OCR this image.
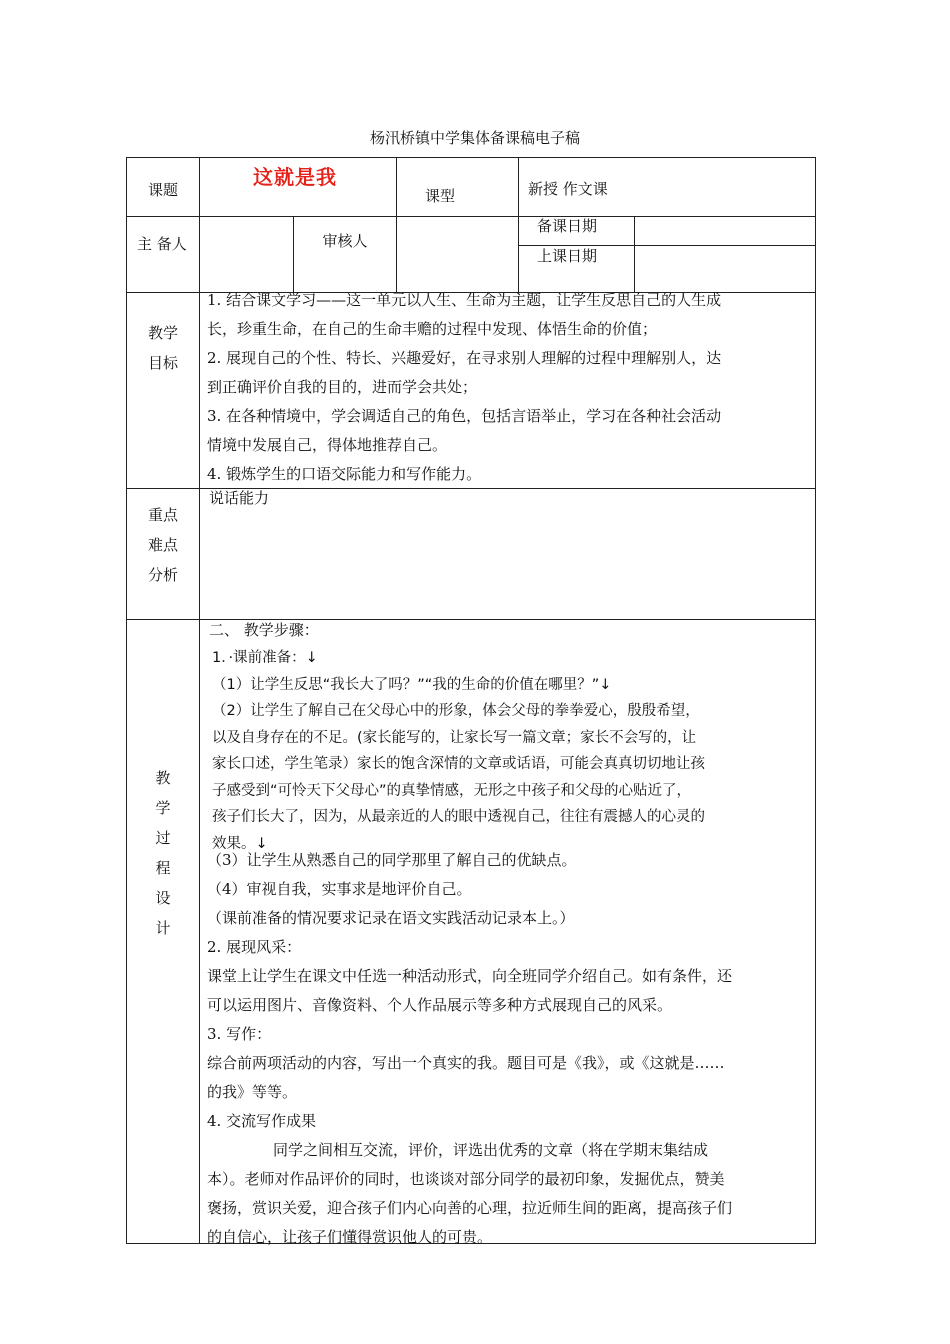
杨汛桥镇中学集体备课稿电子稿
课题
这就是我
课型	新授 作文课
主 备人	审核人
备课日期
上课日期
教学
目标

1. 结合课文学习——这一单元以人生、生命为主题，让学生反思自己的人生成

长，珍重生命，在自己的生命丰赡的过程中发现、体悟生命的价值；

2. 展现自己的个性、特长、兴趣爱好，在寻求别人理解的过程中理解别人，达

到正确评价自我的目的，进而学会共处；

3. 在各种情境中，学会调适自己的角色，包括言语举止，学习在各种社会活动

情境中发展自己，得体地推荐自己。

4. 锻炼学生的口语交际能力和写作能力。

重点
难点
分析
说话能力
教
学
过
程
设
计
二、 教学步骤：

1．·课前准备：↓

（1）让学生反思“我长大了吗？”“我的生命的价值在哪里？”↓

（2）让学生了解自己在父母心中的形象，体会父母的拳拳爱心，殷殷希望，

以及自身存在的不足。(家长能写的，让家长写一篇文章；家长不会写的，让

家长口述，学生笔录）家长的饱含深情的文章或话语，可能会真真切切地让孩

子感受到“可怜天下父母心”的真挚情感，无形之中孩子和父母的心贴近了，

孩子们长大了，因为，从最亲近的人的眼中透视自己，往往有震撼人的心灵的

效果。↓

（3）让学生从熟悉自己的同学那里了解自己的优缺点。

（4）审视自我，实事求是地评价自己。

（课前准备的情况要求记录在语文实践活动记录本上。）

2. 展现风采：

课堂上让学生在课文中任选一种活动形式，向全班同学介绍自己。如有条件，还

可以运用图片、音像资料、个人作品展示等多种方式展现自己的风采。

3. 写作：

综合前两项活动的内容，写出一个真实的我。题目可是《我》，或《这就是……

的我》等等。

4. 交流写作成果

同学之间相互交流，评价，评选出优秀的文章（将在学期末集结成

本）。老师对作品评价的同时，也谈谈对部分同学的最初印象，发掘优点，赞美

褒扬，赏识关爱，迎合孩子们内心向善的心理，拉近师生间的距离，提高孩子们

的自信心，让孩子们懂得赏识他人的可贵。
